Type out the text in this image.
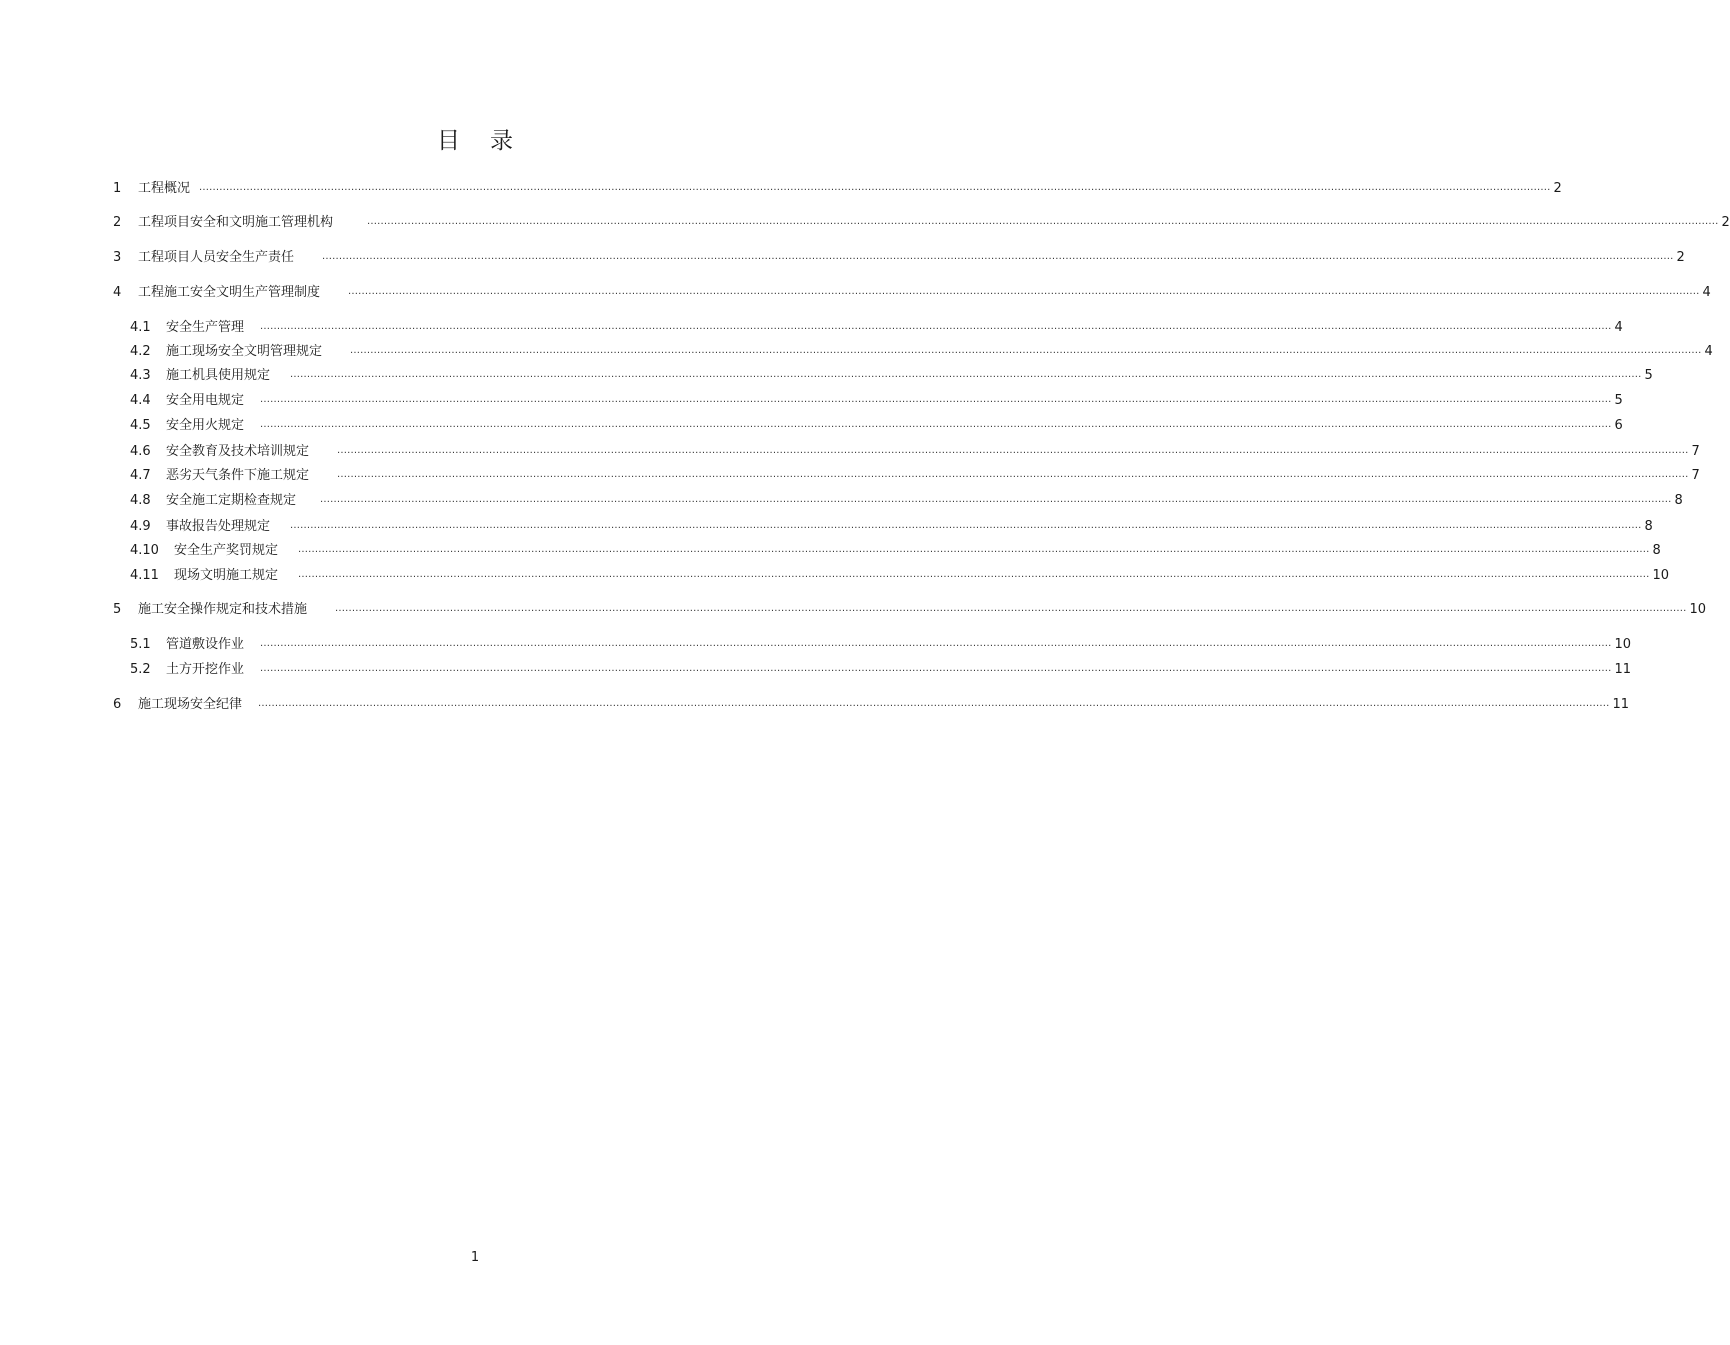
目 录
1	工程概况 ................................................................................................................................................................................................................................................................................................................................................................................................................ 2
2	工程项目安全和文明施工管理机构	................................................................................................................................................................................................................................................................................................................................................................................................................ 2
3	工程项目人员安全生产责任	................................................................................................................................................................................................................................................................................................................................................................................................................ 2
4	工程施工安全文明生产管理制度	................................................................................................................................................................................................................................................................................................................................................................................................................ 4
4.1	安全生产管理 ................................................................................................................................................................................................................................................................................................................................................................................................................ 4
4.2	施工现场安全文明管理规定	................................................................................................................................................................................................................................................................................................................................................................................................................ 4
4.3	施工机具使用规定 ................................................................................................................................................................................................................................................................................................................................................................................................................ 5
4.4	安全用电规定 ................................................................................................................................................................................................................................................................................................................................................................................................................ 5
4.5	安全用火规定 ................................................................................................................................................................................................................................................................................................................................................................................................................ 6
4.6	安全教育及技术培训规定	................................................................................................................................................................................................................................................................................................................................................................................................................ 7
4.7	恶劣天气条件下施工规定	................................................................................................................................................................................................................................................................................................................................................................................................................ 7
4.8	安全施工定期检查规定 ................................................................................................................................................................................................................................................................................................................................................................................................................ 8
4.9	事故报告处理规定 ................................................................................................................................................................................................................................................................................................................................................................................................................ 8
4.10	安全生产奖罚规定 ................................................................................................................................................................................................................................................................................................................................................................................................................ 8
4.11	现场文明施工规定 ................................................................................................................................................................................................................................................................................................................................................................................................................ 10
5	施工安全操作规定和技术措施	................................................................................................................................................................................................................................................................................................................................................................................................................ 10
5.1	管道敷设作业 ................................................................................................................................................................................................................................................................................................................................................................................................................ 10
5.2	土方开挖作业 ................................................................................................................................................................................................................................................................................................................................................................................................................ 11
6	施工现场安全纪律 ................................................................................................................................................................................................................................................................................................................................................................................................................ 11
1
